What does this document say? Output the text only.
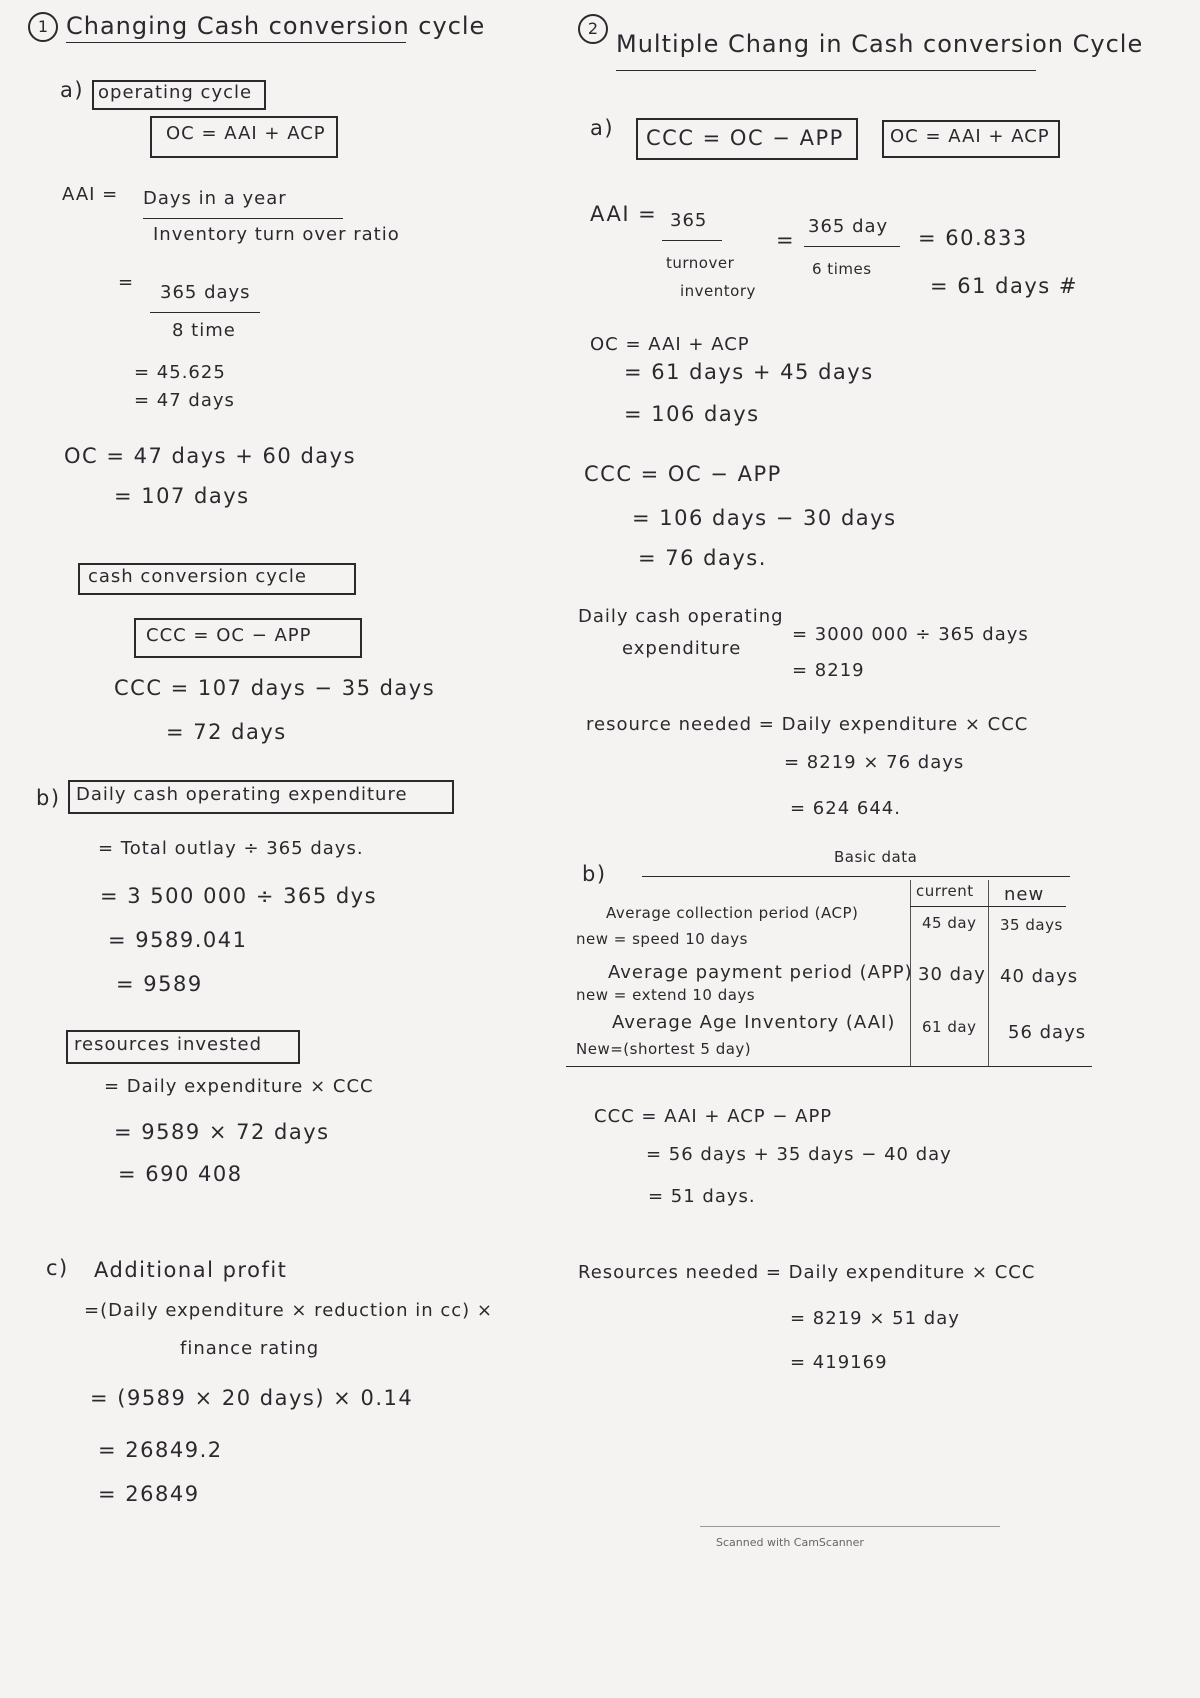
1 Changing Cash conversion cycle
a) operating cycle
OC = AAI + ACP
AAI = Days in a year
Inventory turn over ratio
= 365 days
8 time
= 45.625
= 47 days
OC = 47 days + 60 days
= 107 days
cash conversion cycle
CCC = OC − APP
CCC = 107 days − 35 days
= 72 days
b) Daily cash operating expenditure
= Total outlay ÷ 365 days.
= 3 500 000 ÷ 365 dys
= 9589.041
= 9589
resources invested
= Daily expenditure × CCC
= 9589 × 72 days
= 690 408
c) Additional profit
=(Daily expenditure × reduction in cc) ×
finance rating
= (9589 × 20 days) × 0.14
= 26849.2
= 26849
2
Multiple Chang in Cash conversion Cycle
a) CCC = OC − APP	OC = AAI + ACP
AAI = 365
turnover
inventory
=
365 day
6 times
= 60.833
= 61 days #
OC = AAI + ACP
= 61 days + 45 days
= 106 days
CCC = OC − APP
= 106 days − 30 days
= 76 days.
Daily cash operating
expenditure
= 3000 000 ÷ 365 days
= 8219
resource needed = Daily expenditure × CCC
= 8219 × 76 days
= 624 644.
b)
Basic data
current new
Average collection period (ACP)
new = speed 10 days
45 day 35 days
Average payment period (APP)
new = extend 10 days
30 day 40 days
Average Age Inventory (AAI)
New=(shortest 5 day)
61 day 56 days
CCC = AAI + ACP − APP
= 56 days + 35 days − 40 day
= 51 days.
Resources needed = Daily expenditure × CCC
= 8219 × 51 day
= 419169
Scanned with CamScanner
